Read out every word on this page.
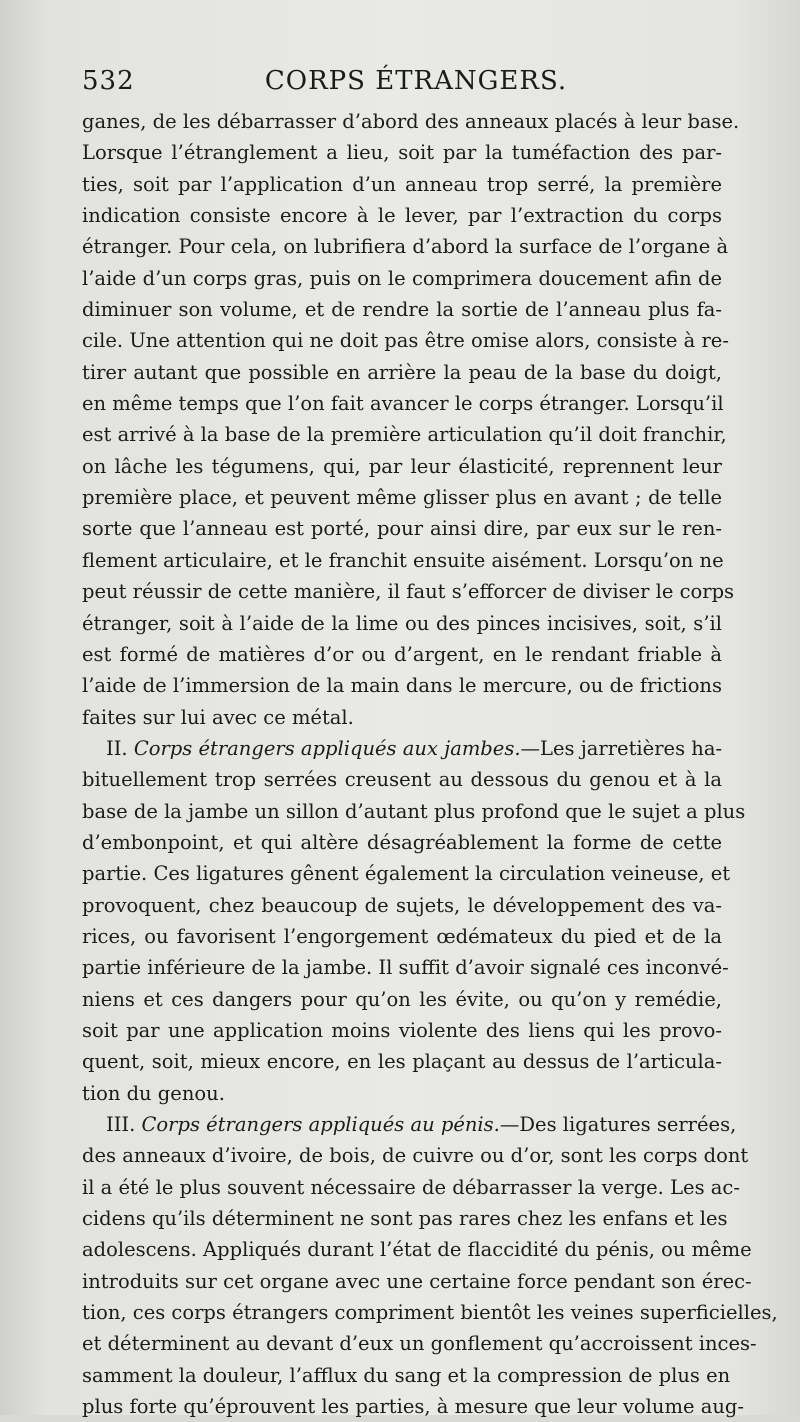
532	CORPS ÉTRANGERS.
ganes, de les débarrasser d’abord des anneaux placés à leur base.
Lorsque l’étranglement a lieu, soit par la tuméfaction des par-
ties, soit par l’application d’un anneau trop serré, la première
indication consiste encore à le lever, par l’extraction du corps
étranger. Pour cela, on lubrifiera d’abord la surface de l’organe à
l’aide d’un corps gras, puis on le comprimera doucement afin de
diminuer son volume, et de rendre la sortie de l’anneau plus fa-
cile. Une attention qui ne doit pas être omise alors, consiste à re-
tirer autant que possible en arrière la peau de la base du doigt,
en même temps que l’on fait avancer le corps étranger. Lorsqu’il
est arrivé à la base de la première articulation qu’il doit franchir,
on lâche les tégumens, qui, par leur élasticité, reprennent leur
première place, et peuvent même glisser plus en avant ; de telle
sorte que l’anneau est porté, pour ainsi dire, par eux sur le ren-
flement articulaire, et le franchit ensuite aisément. Lorsqu’on ne
peut réussir de cette manière, il faut s’efforcer de diviser le corps
étranger, soit à l’aide de la lime ou des pinces incisives, soit, s’il
est formé de matières d’or ou d’argent, en le rendant friable à
l’aide de l’immersion de la main dans le mercure, ou de frictions
faites sur lui avec ce métal.
II. Corps étrangers appliqués aux jambes.—Les jarretières ha-
bituellement trop serrées creusent au dessous du genou et à la
base de la jambe un sillon d’autant plus profond que le sujet a plus
d’embonpoint, et qui altère désagréablement la forme de cette
partie. Ces ligatures gênent également la circulation veineuse, et
provoquent, chez beaucoup de sujets, le développement des va-
rices, ou favorisent l’engorgement œdémateux du pied et de la
partie inférieure de la jambe. Il suffit d’avoir signalé ces inconvé-
niens et ces dangers pour qu’on les évite, ou qu’on y remédie,
soit par une application moins violente des liens qui les provo-
quent, soit, mieux encore, en les plaçant au dessus de l’articula-
tion du genou.
III. Corps étrangers appliqués au pénis.—Des ligatures serrées,
des anneaux d’ivoire, de bois, de cuivre ou d’or, sont les corps dont
il a été le plus souvent nécessaire de débarrasser la verge. Les ac-
cidens qu’ils déterminent ne sont pas rares chez les enfans et les
adolescens. Appliqués durant l’état de flaccidité du pénis, ou même
introduits sur cet organe avec une certaine force pendant son érec-
tion, ces corps étrangers compriment bientôt les veines superficielles,
et déterminent au devant d’eux un gonflement qu’accroissent inces-
samment la douleur, l’afflux du sang et la compression de plus en
plus forte qu’éprouvent les parties, à mesure que leur volume aug-
